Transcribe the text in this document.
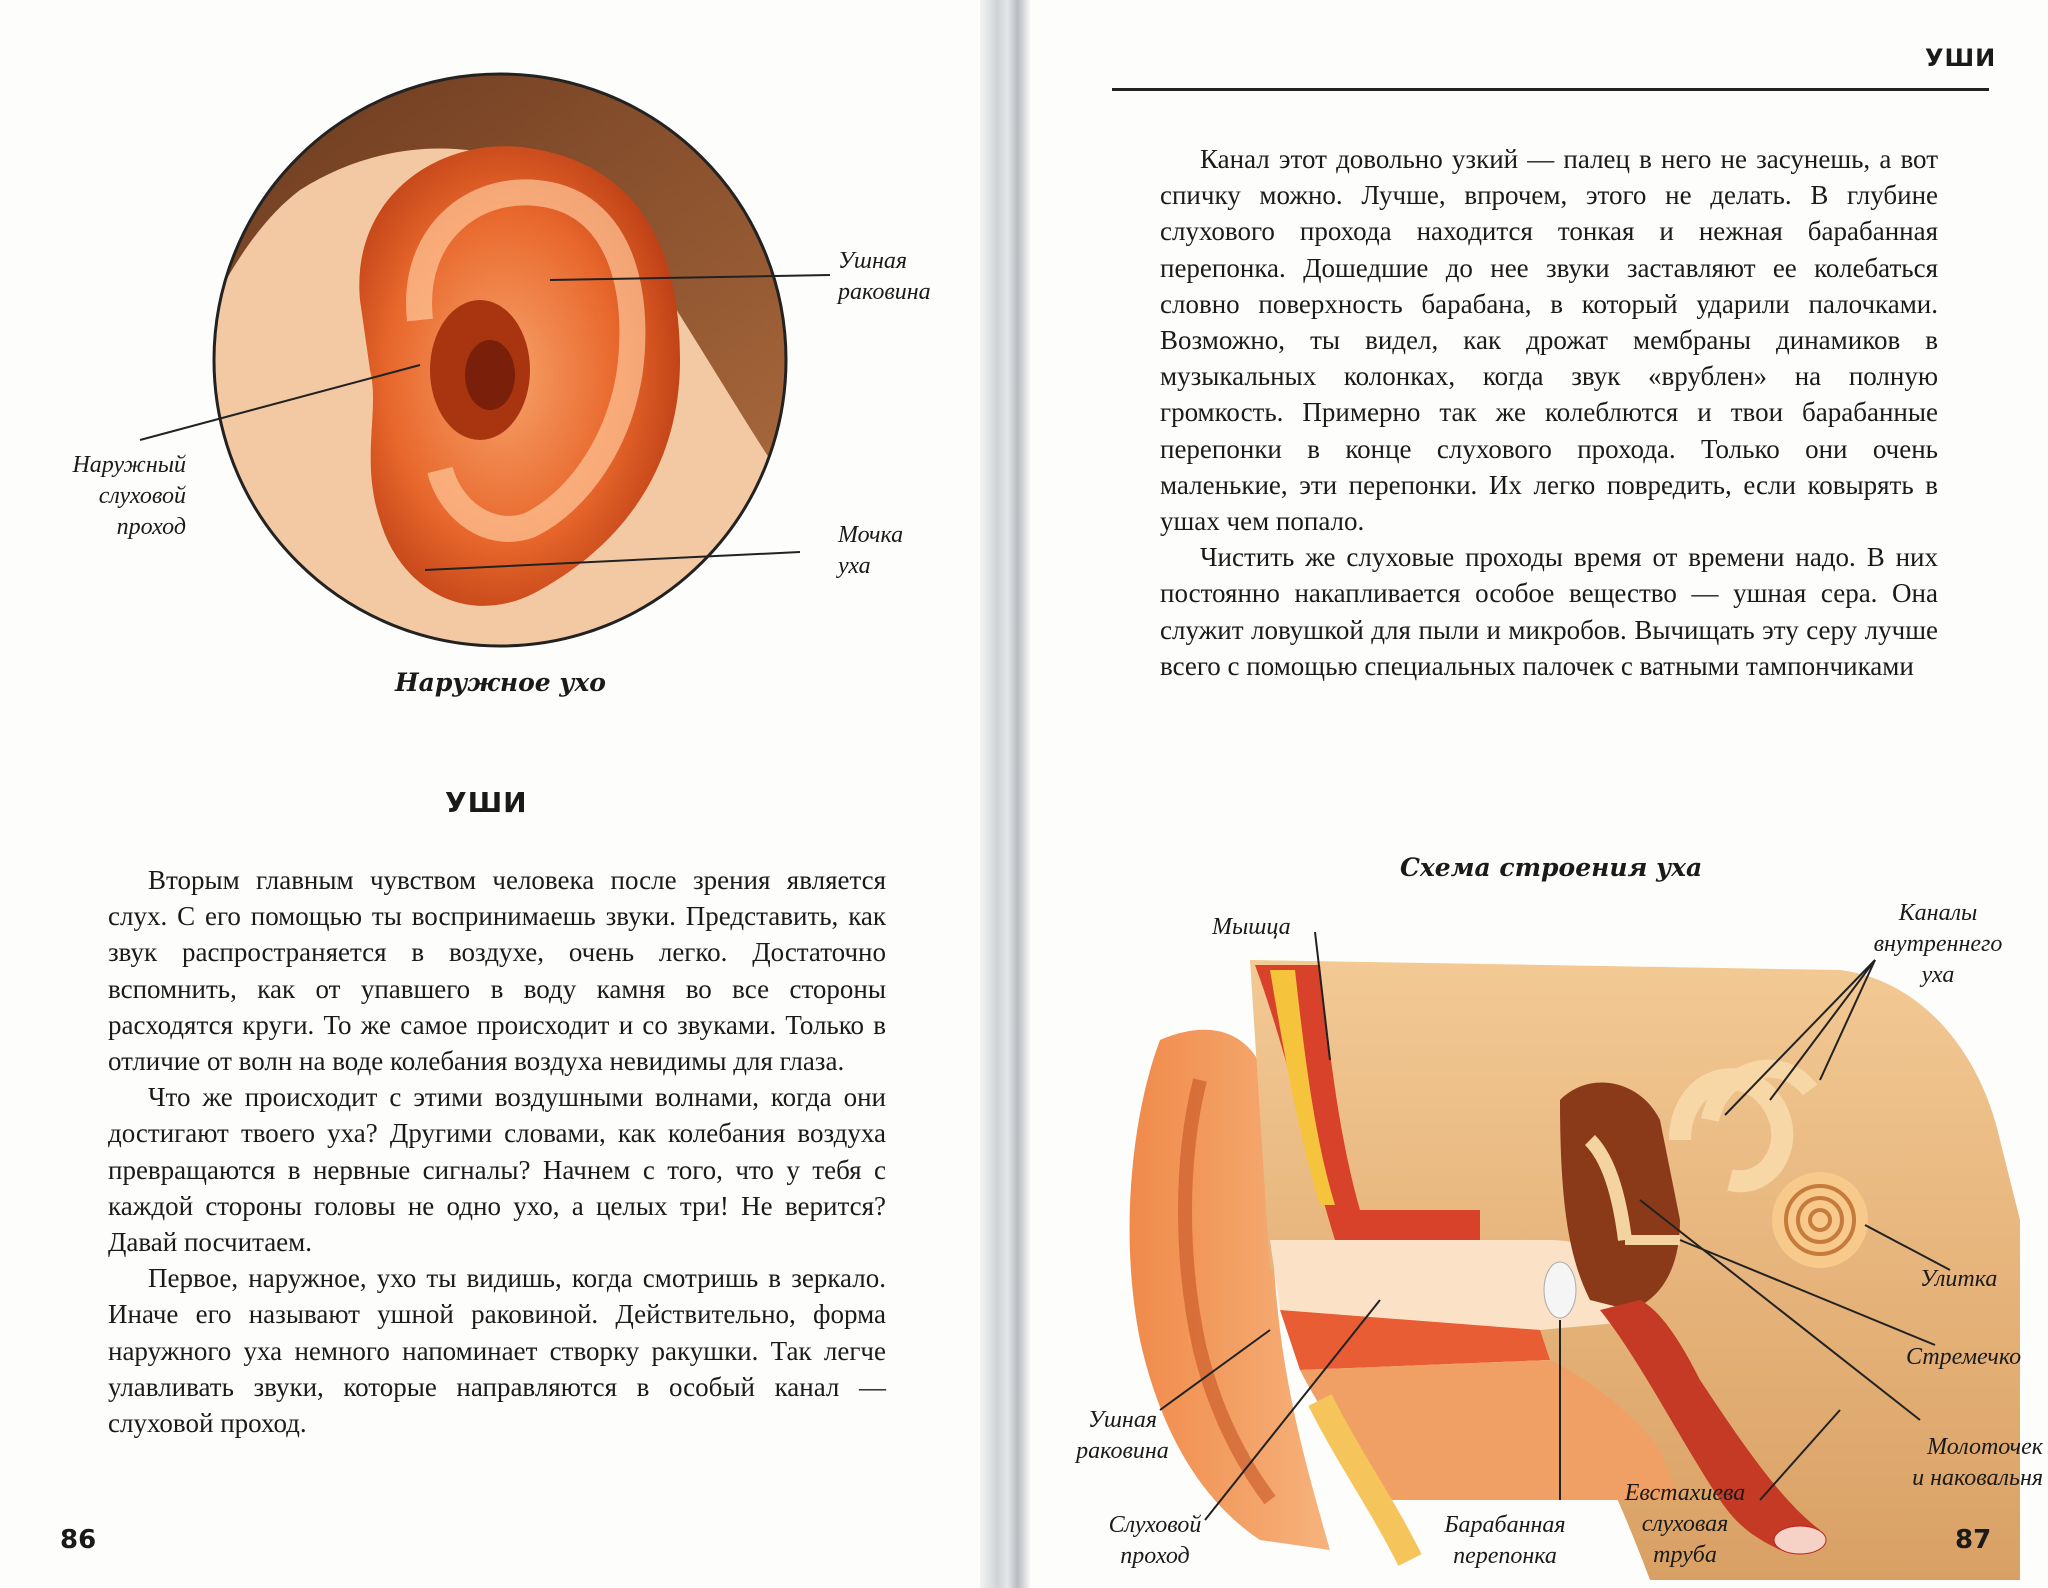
Ушная
раковина
Наружный
слуховой
проход	Мочка
уха
Наружное ухо
УШИ

Вторым главным чувством человека после зрения является слух. С его помощью ты воспринимаешь звуки. Представить, как звук распространяется в воздухе, очень легко. Достаточно вспомнить, как от упавшего в воду камня во все стороны расходятся круги. То же самое происходит и со звуками. Только в отличие от волн на воде колебания воздуха невидимы для глаза.

Что же происходит с этими воздушными волнами, когда они достигают твоего уха? Другими словами, как колебания воздуха превращаются в нервные сигналы? Начнем с того, что у тебя с каждой стороны головы не одно ухо, а целых три! Не верится? Давай посчитаем.

Первое, наружное, ухо ты видишь, когда смотришь в зеркало. Иначе его называют ушной раковиной. Действительно, форма наружного уха немного напоминает створку ракушки. Так легче улавливать звуки, которые направляются в особый канал — слуховой проход.

86
УШИ

Канал этот довольно узкий — палец в него не засунешь, а вот спичку можно. Лучше, впрочем, этого не делать. В глубине слухового прохода находится тонкая и нежная барабанная перепонка. Дошедшие до нее звуки заставляют ее колебаться словно поверхность барабана, в который ударили палочками. Возможно, ты видел, как дрожат мембраны динамиков в музыкальных колонках, когда звук «врублен» на полную громкость. Примерно так же колеблются и твои барабанные перепонки в конце слухового прохода. Только они очень маленькие, эти перепонки. Их легко повредить, если ковырять в ушах чем попало.

Чистить же слуховые проходы время от времени надо. В них постоянно накапливается особое вещество — ушная сера. Она служит ловушкой для пыли и микробов. Вычищать эту серу лучше всего с помощью специальных палочек с ватными тампончиками

Схема строения уха
Мышца
Каналы
внутреннего
уха
Улитка
Стремечко
Молоточек
и наковальня
Евстахиева
слуховая
труба
Барабанная
перепонка
Слуховой
проход
Ушная
раковина
87
